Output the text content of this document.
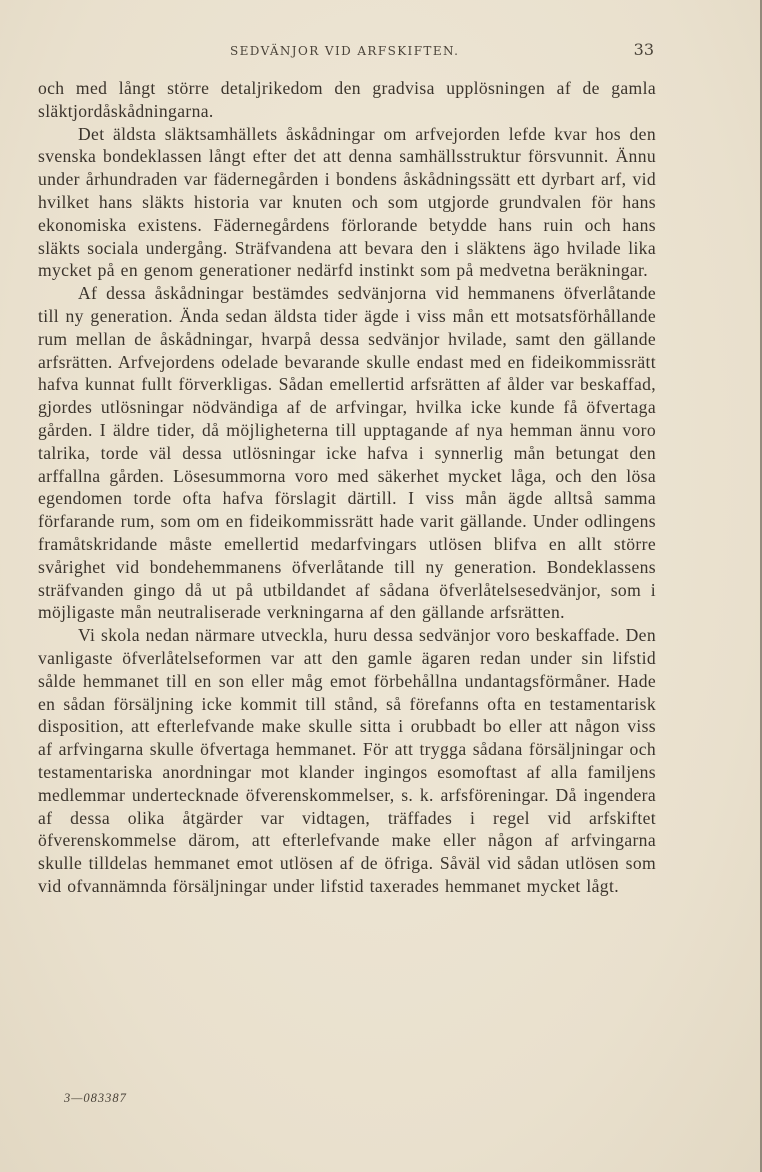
SEDVÄNJOR VID ARFSKIFTEN.	33

och med långt större detaljrikedom den gradvisa upplösningen af de gamla släktjordåskådningarna.

Det äldsta släktsamhällets åskådningar om arfvejorden lefde kvar hos den svenska bondeklassen långt efter det att denna samhällsstruktur försvunnit. Ännu under århundraden var fädernegården i bondens åskådningssätt ett dyrbart arf, vid hvilket hans släkts historia var knuten och som utgjorde grundvalen för hans ekonomiska existens. Fädernegårdens förlorande betydde hans ruin och hans släkts sociala undergång. Sträfvandena att bevara den i släktens ägo hvilade lika mycket på en genom generationer nedärfd instinkt som på medvetna beräkningar.

Af dessa åskådningar bestämdes sedvänjorna vid hemmanens öfverlåtande till ny generation. Ända sedan äldsta tider ägde i viss mån ett motsatsförhållande rum mellan de åskådningar, hvarpå dessa sedvänjor hvilade, samt den gällande arfsrätten. Arfvejordens odelade bevarande skulle endast med en fideikommissrätt hafva kunnat fullt förverkligas. Sådan emellertid arfsrätten af ålder var beskaffad, gjordes utlösningar nödvändiga af de arfvingar, hvilka icke kunde få öfvertaga gården. I äldre tider, då möjligheterna till upptagande af nya hemman ännu voro talrika, torde väl dessa utlösningar icke hafva i synnerlig mån betungat den arffallna gården. Lösesummorna voro med säkerhet mycket låga, och den lösa egendomen torde ofta hafva förslagit därtill. I viss mån ägde alltså samma förfarande rum, som om en fideikommissrätt hade varit gällande. Under odlingens framåtskridande måste emellertid medarfvingars utlösen blifva en allt större svårighet vid bondehemmanens öfverlåtande till ny generation. Bondeklassens sträfvanden gingo då ut på utbildandet af sådana öfverlåtelsesedvänjor, som i möjligaste mån neutraliserade verkningarna af den gällande arfsrätten.

Vi skola nedan närmare utveckla, huru dessa sedvänjor voro beskaffade. Den vanligaste öfverlåtelseformen var att den gamle ägaren redan under sin lifstid sålde hemmanet till en son eller måg emot förbehållna undantagsförmåner. Hade en sådan försäljning icke kommit till stånd, så förefanns ofta en testamentarisk disposition, att efterlefvande make skulle sitta i orubbadt bo eller att någon viss af arfvingarna skulle öfvertaga hemmanet. För att trygga sådana försäljningar och testamentariska anordningar mot klander ingingos esomoftast af alla familjens medlemmar undertecknade öfverenskommelser, s. k. arfsföreningar. Då ingendera af dessa olika åtgärder var vidtagen, träffades i regel vid arfskiftet öfverenskommelse därom, att efterlefvande make eller någon af arfvingarna skulle tilldelas hemmanet emot utlösen af de öfriga. Såväl vid sådan utlösen som vid ofvannämnda försäljningar under lifstid taxerades hemmanet mycket lågt.

3—083387
